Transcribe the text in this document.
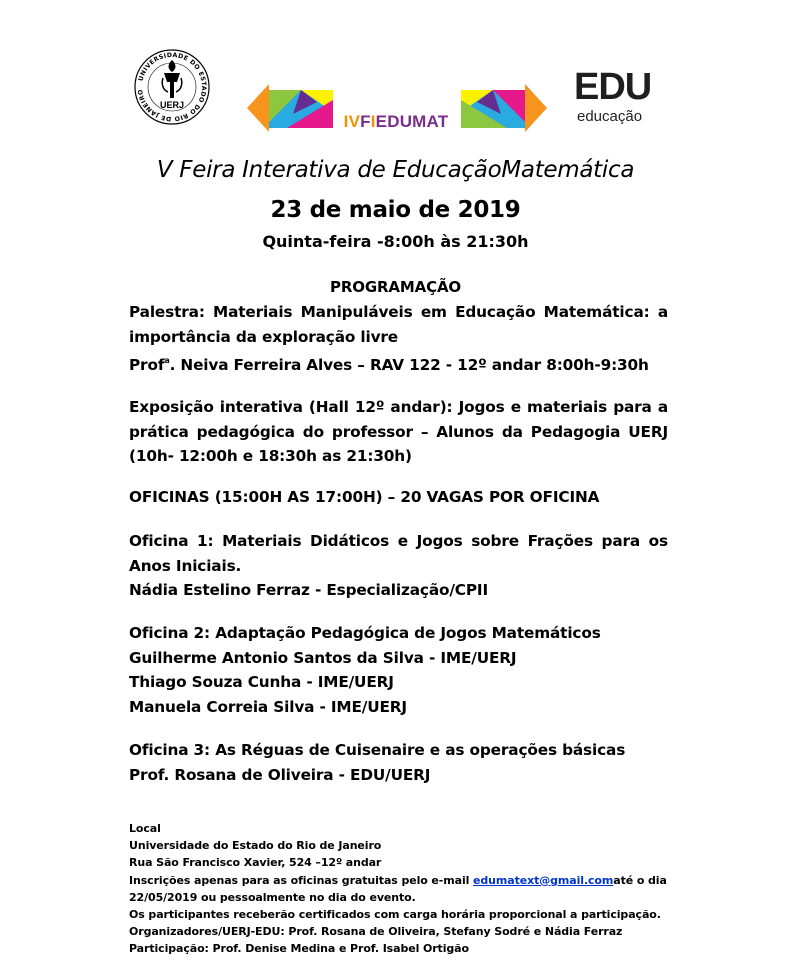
UNIVERSIDADE DO ESTADO DO RIO DE JANEIRO
UERJ
IVFIEDUMAT
EDU
educação
V Feira Interativa de EducaçãoMatemática
23 de maio de 2019
Quinta-feira -8:00h às 21:30h
PROGRAMAÇÃO
Palestra: Materiais Manipuláveis em Educação Matemática: a importância da exploração livre
Prof$^a$. Neiva Ferreira Alves – RAV 122 - 12º andar 8:00h-9:30h
Exposição interativa (Hall 12º andar): Jogos e materiais para a prática pedagógica do professor – Alunos da Pedagogia UERJ (10h- 12:00h e 18:30h as 21:30h)
OFICINAS (15:00H AS 17:00H) – 20 VAGAS POR OFICINA
Oficina 1: Materiais Didáticos e Jogos sobre Frações para os Anos Iniciais.
Nádia Estelino Ferraz - Especialização/CPII
Oficina 2: Adaptação Pedagógica de Jogos Matemáticos
Guilherme Antonio Santos da Silva - IME/UERJ
Thiago Souza Cunha - IME/UERJ
Manuela Correia Silva - IME/UERJ
Oficina 3: As Réguas de Cuisenaire e as operações básicas
Prof. Rosana de Oliveira - EDU/UERJ
Local
Universidade do Estado do Rio de Janeiro
Rua São Francisco Xavier, 524 –12º andar
Inscrições apenas para as oficinas gratuitas pelo e-mail edumatext@gmail.comaté o dia
22/05/2019 ou pessoalmente no dia do evento.
Os participantes receberão certificados com carga horária proporcional a participação.
Organizadores/UERJ-EDU: Prof. Rosana de Oliveira, Stefany Sodré e Nádia Ferraz
Participação: Prof. Denise Medina e Prof. Isabel Ortigão
